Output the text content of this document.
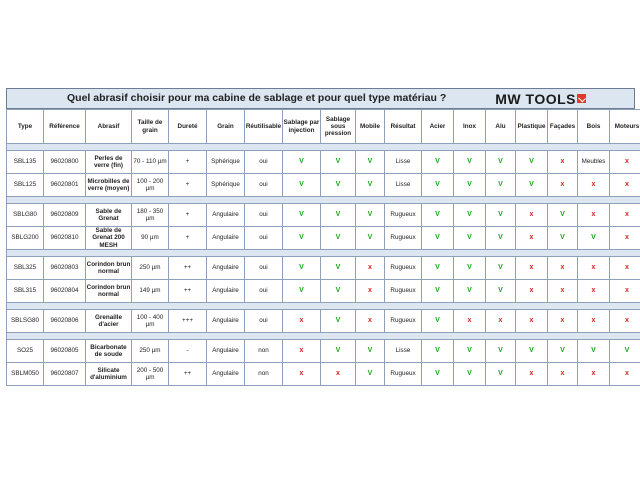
Quel abrasif choisir pour ma cabine de sablage et pour quel type matériau ?	MW TOOLS
Type	Référence	Abrasif	Taille de grain	Dureté	Grain	Réutilisable	Sablage par injection	Sablage sous pression	Mobile	Résultat	Acier	Inox	Alu	Plastique	Façades	Bois	Moteurs

SBL135	96020800	Perles de verre (fin)	70 - 110 µm	+	Sphérique	oui	V	V	V	Lisse	V	V	V	V	x	Meubles	x
SBL125	96020801	Microbilles de verre (moyen)	100 - 200 µm	+	Sphérique	oui	V	V	V	Lisse	V	V	V	V	x	x	x

SBLG80	96020809	Sable de Grenat	180 - 350 µm	+	Angulaire	oui	V	V	V	Rugueux	V	V	V	x	V	x	x
SBLG200	96020810	Sable de Grenat 200 MESH	90 µm	+	Angulaire	oui	V	V	V	Rugueux	V	V	V	x	V	V	x

SBL325	96020803	Corindon brun normal	250 µm	++	Angulaire	oui	V	V	x	Rugueux	V	V	V	x	x	x	x
SBL315	96020804	Corindon brun normal	149 µm	++	Angulaire	oui	V	V	x	Rugueux	V	V	V	x	x	x	x

SBLSG80	96020806	Grenaille d'acier	100 - 400 µm	+++	Angulaire	oui	x	V	x	Rugueux	V	x	x	x	x	x	x

SO25	96020805	Bicarbonate de soude	250 µm	-	Angulaire	non	x	V	V	Lisse	V	V	V	V	V	V	V
SBLM050	96020807	Silicate d'aluminium	200 - 500 µm	++	Angulaire	non	x	x	V	Rugueux	V	V	V	x	x	x	x
